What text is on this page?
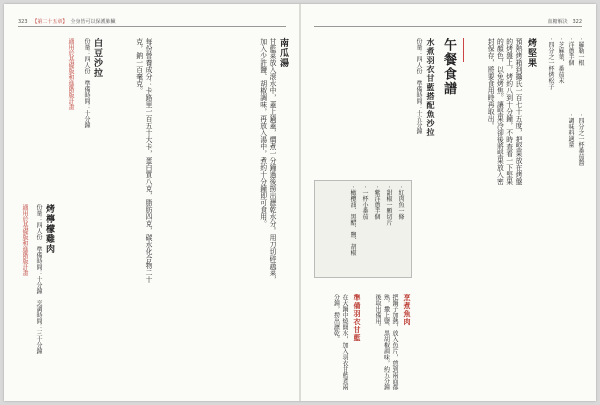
323 【第二十五章】 全身皆可以保護肺臟
南瓜湯
甘藍菜放入滾水中，蓋上鍋蓋，燜煮一分鐘過後撈出瀝乾水分。用刀切碎蔬菜，加入少許鹽、胡椒調味，再放入湯中，煮約十分鐘即可食用。
每份營養成分：卡路里一百五十大卡，蛋白質八克，脂肪四克，碳水化合物二十克，鈉一百毫克。
白豆沙拉
份量：四人份　準備時間：十分鐘
適用於基礎版和進階版計畫
烤檸檬雞肉
份量：四人份　準備時間：十分鐘　烹調時間：三十分鐘
適用於基礎版和進階版計畫
血糖解決 322
‧ 羅勒一根
‧ 洋蔥半個
‧ 芝麻葉、番茄末
‧ 四分之一杯烤松子
‧ 四分之一杯番茄醬
‧ 調味料適量
烤堅果
預熱烤箱到攝氏一百七十五度，把堅果放在烤盤的烤盤上，烤約八到十分鐘，不時查看一下堅果的顏色，以免烤焦。讓堅果冷卻後將堅果放入密封保存，將要食用時再取出。
午餐食譜
水煮羽衣甘藍搭配魚沙拉
份量：四人份　準備時間：十五分鐘
‧ 紅肉魚一條
‧ 甜椒一顆切片
‧ 紫洋蔥半個
‧ 一杯小番茄
‧ 橄欖油、黑醋、鹽、胡椒
烹煮魚肉
把鍋子加熱，放入魚片，煎到兩面都熟，撒上鹽、黑胡椒調味，約五分鐘後取出備用。
準備羽衣甘藍
在大鍋中燒開水，加入羽衣甘藍煮兩分鐘，撈出瀝乾。
